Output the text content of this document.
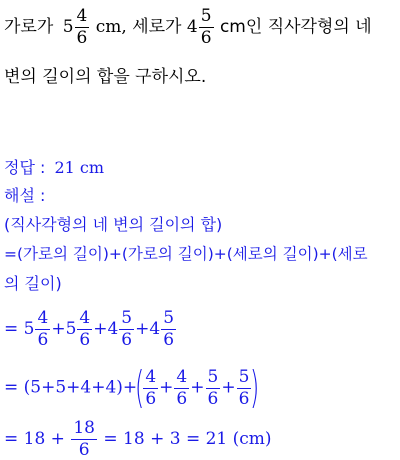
가로가 $5 \frac{4}{6}$ cm, 세로가 $4 \frac{5}{6}$ cm인 직사각형의 네
변의 길이의 합을 구하시오.
정답 : 21 cm
해설 :
(직사각형의 네 변의 길이의 합)
=(가로의 길이)+(가로의 길이)+(세로의 길이)+(세로
의 길이)
= $5 \frac{4}{6} +5 \frac{4}{6} +4 \frac{5}{6} +4 \frac{5}{6}$
= (5+5+4+4)+(
$\frac{4}{6} + \frac{4}{6} + \frac{5}{6} + \frac{5}{6}$
)
= $18 + \frac{18}{6} = 18 + 3 = 21$ (cm)
